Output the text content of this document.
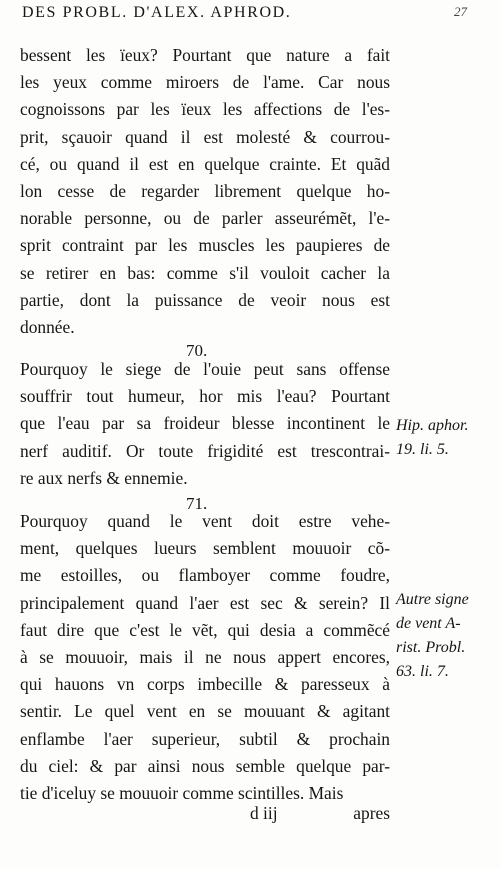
DES PROBL. D'ALEX. APHROD.	27
bessent les ïeux? Pourtant que nature a fait
les yeux comme miroers de l'ame. Car nous
cognoissons par les ïeux les affections de l'es-
prit, sçauoir quand il est molesté & courrou-
cé, ou quand il est en quelque crainte. Et quãd
lon cesse de regarder librement quelque ho-
norable personne, ou de parler asseurémẽt, l'e-
sprit contraint par les muscles les paupieres de
se retirer en bas: comme s'il vouloit cacher la
partie, dont la puissance de veoir nous est
donnée.
70.
Pourquoy le siege de l'ouie peut sans offense
souffrir tout humeur, hor mis l'eau? Pourtant
que l'eau par sa froideur blesse incontinent le
nerf auditif. Or toute frigidité est trescontrai-
re aux nerfs & ennemie.
Hip. aphor.
19. li. 5.
71.
Pourquoy quand le vent doit estre vehe-
ment, quelques lueurs semblent mouuoir cõ-
me estoilles, ou flamboyer comme foudre,
principalement quand l'aer est sec & serein? Il
faut dire que c'est le vẽt, qui desia a commẽcé
à se mouuoir, mais il ne nous appert encores,
qui hauons vn corps imbecille & paresseux à
sentir. Le quel vent en se mouuant & agitant
enflambe l'aer superieur, subtil & prochain
du ciel: & par ainsi nous semble quelque par-
tie d'iceluy se mouuoir comme scintilles. Mais
Autre signe
de vent A-
rist. Probl.
63. li. 7.
d iij	apres
